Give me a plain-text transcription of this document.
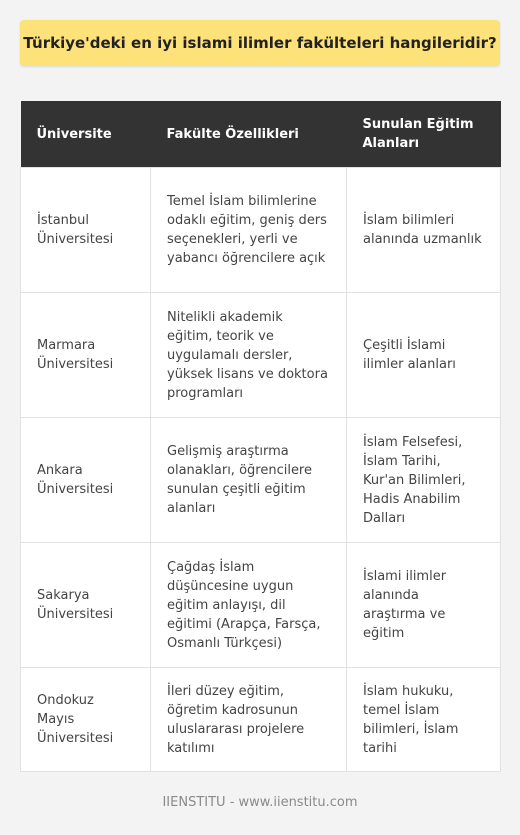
Türkiye'deki en iyi islami ilimler fakülteleri hangileridir?
Üniversite	Fakülte Özellikleri	Sunulan Eğitim Alanları
İstanbul Üniversitesi	Temel İslam bilimlerine odaklı eğitim, geniş ders seçenekleri, yerli ve yabancı öğrencilere açık	İslam bilimleri alanında uzmanlık
Marmara Üniversitesi	Nitelikli akademik eğitim, teorik ve uygulamalı dersler, yüksek lisans ve doktora programları	Çeşitli İslami ilimler alanları
Ankara Üniversitesi	Gelişmiş araştırma olanakları, öğrencilere sunulan çeşitli eğitim alanları	İslam Felsefesi, İslam Tarihi, Kur'an Bilimleri, Hadis Anabilim Dalları
Sakarya Üniversitesi	Çağdaş İslam düşüncesine uygun eğitim anlayışı, dil eğitimi (Arapça, Farsça, Osmanlı Türkçesi)	İslami ilimler alanında araştırma ve eğitim
Ondokuz Mayıs Üniversitesi	İleri düzey eğitim, öğretim kadrosunun uluslararası projelere katılımı	İslam hukuku, temel İslam bilimleri, İslam tarihi
IIENSTITU - www.iienstitu.com
